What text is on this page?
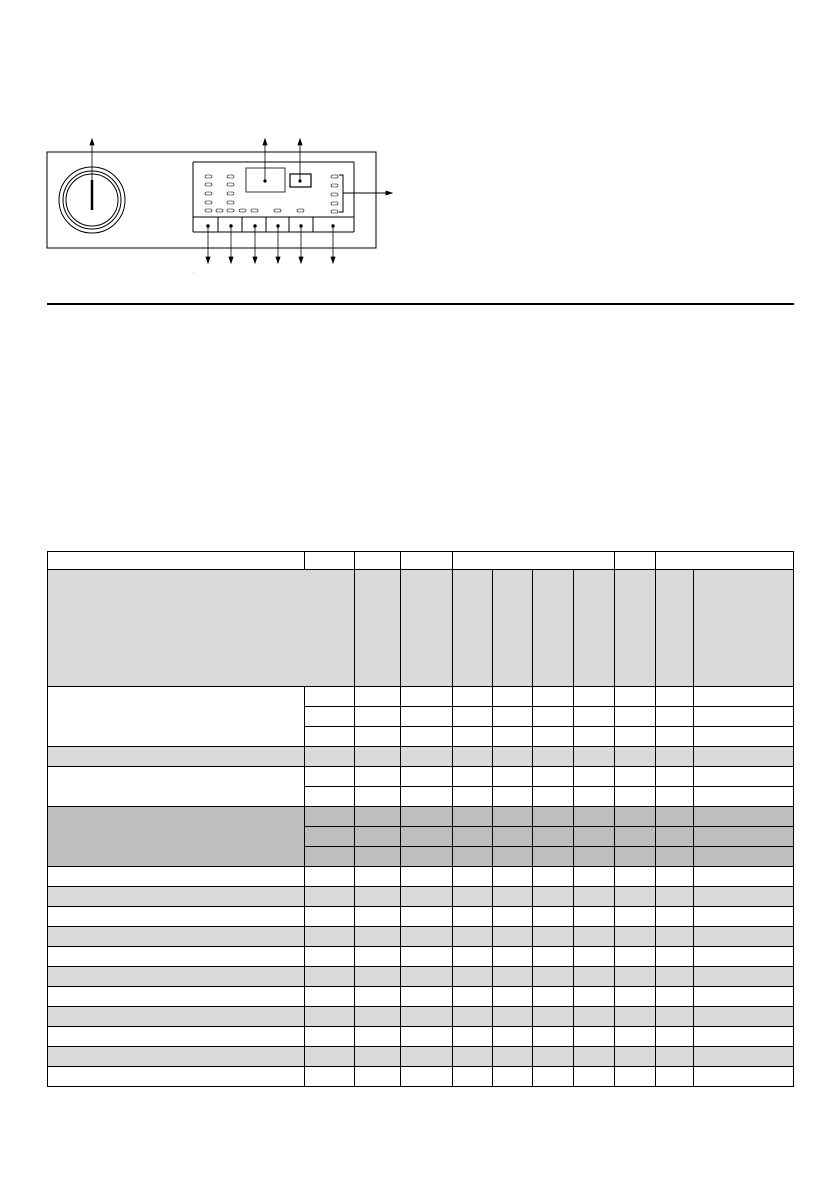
·
